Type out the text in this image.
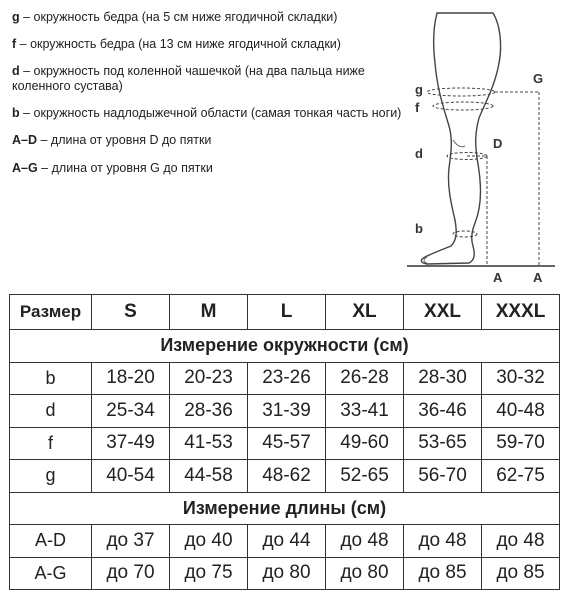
g – окружность бедра (на 5 см ниже ягодичной складки)
f – окружность бедра (на 13 см ниже ягодичной складки)
d – окружность под коленной чашечкой (на два пальца ниже коленного сустава)
b – окружность надлодыжечной области (самая тонкая часть ноги)
A–D – длина от уровня D до пятки
A–G – длина от уровня G до пятки
g
f
d
b
G
D
A A
Размер	S	M	L	XL	XXL	XXXL
Измерение окружности (см)						
b	18-20	20-23	23-26	26-28	28-30	30-32
d	25-34	28-36	31-39	33-41	36-46	40-48
f	37-49	41-53	45-57	49-60	53-65	59-70
g	40-54	44-58	48-62	52-65	56-70	62-75
Измерение длины (см)						
A-D	до 37	до 40	до 44	до 48	до 48	до 48
A-G	до 70	до 75	до 80	до 80	до 85	до 85
